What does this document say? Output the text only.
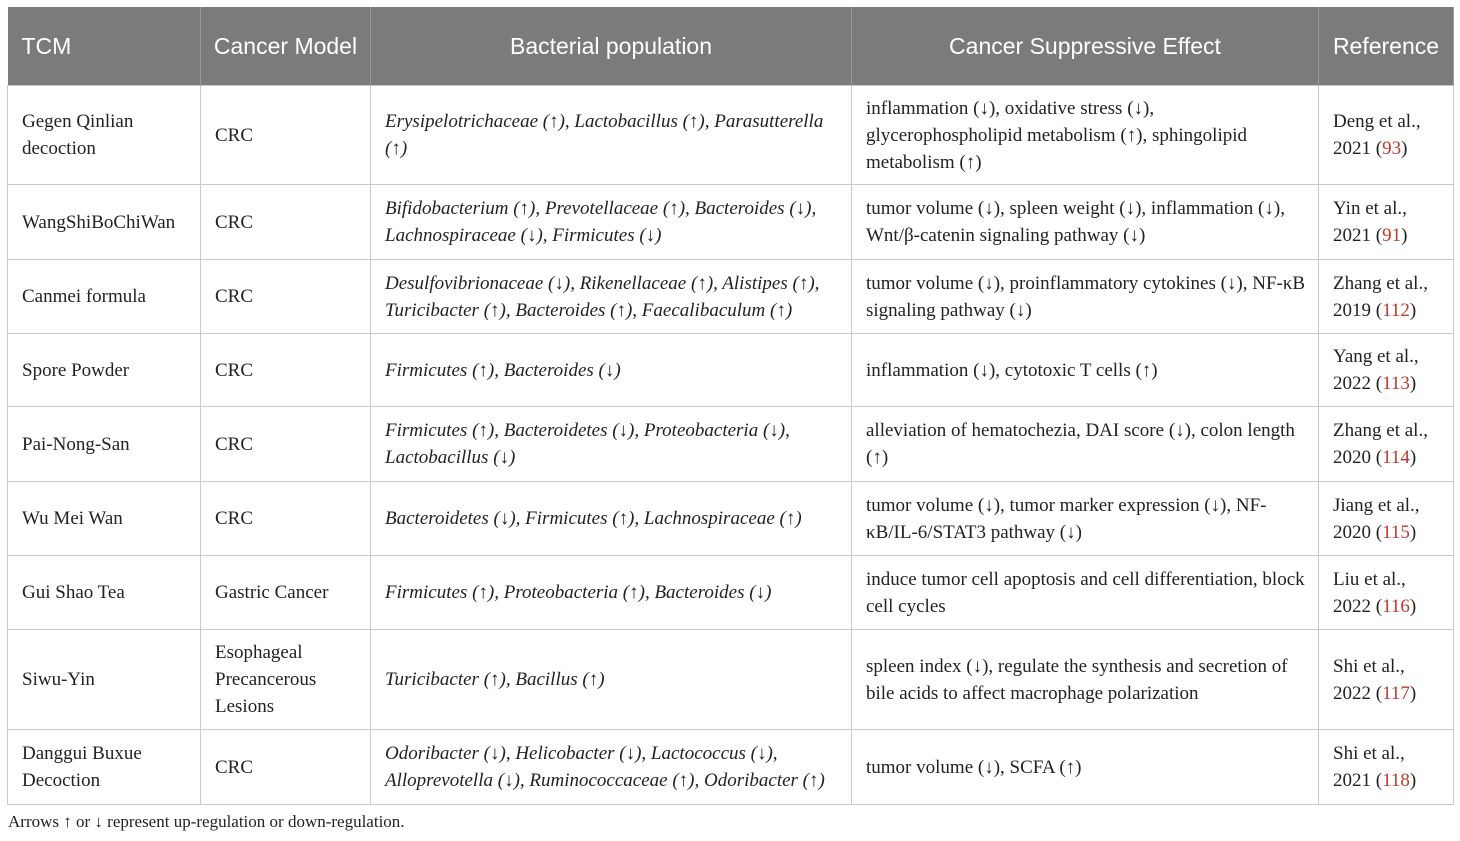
TCM	Cancer Model	Bacterial population	Cancer Suppressive Effect	Reference
Gegen Qinlian decoction	CRC	Erysipelotrichaceae (↑), Lactobacillus (↑), Parasutterella (↑)	inflammation (↓), oxidative stress (↓), glycerophospholipid metabolism (↑), sphingolipid metabolism (↑)	Deng et al., 2021 (93)
WangShiBoChiWan	CRC	Bifidobacterium (↑), Prevotellaceae (↑), Bacteroides (↓), Lachnospiraceae (↓), Firmicutes (↓)	tumor volume (↓), spleen weight (↓), inflammation (↓), Wnt/β-catenin signaling pathway (↓)	Yin et al., 2021 (91)
Canmei formula	CRC	Desulfovibrionaceae (↓), Rikenellaceae (↑), Alistipes (↑), Turicibacter (↑), Bacteroides (↑), Faecalibaculum (↑)	tumor volume (↓), proinflammatory cytokines (↓), NF-κB signaling pathway (↓)	Zhang et al., 2019 (112)
Spore Powder	CRC	Firmicutes (↑), Bacteroides (↓)	inflammation (↓), cytotoxic T cells (↑)	Yang et al., 2022 (113)
Pai-Nong-San	CRC	Firmicutes (↑), Bacteroidetes (↓), Proteobacteria (↓), Lactobacillus (↓)	alleviation of hematochezia, DAI score (↓), colon length (↑)	Zhang et al., 2020 (114)
Wu Mei Wan	CRC	Bacteroidetes (↓), Firmicutes (↑), Lachnospiraceae (↑)	tumor volume (↓), tumor marker expression (↓), NF-κB/IL-6/STAT3 pathway (↓)	Jiang et al., 2020 (115)
Gui Shao Tea	Gastric Cancer	Firmicutes (↑), Proteobacteria (↑), Bacteroides (↓)	induce tumor cell apoptosis and cell differentiation, block cell cycles	Liu et al., 2022 (116)
Siwu-Yin	Esophageal Precancerous Lesions	Turicibacter (↑), Bacillus (↑)	spleen index (↓), regulate the synthesis and secretion of bile acids to affect macrophage polarization	Shi et al., 2022 (117)
Danggui Buxue Decoction	CRC	Odoribacter (↓), Helicobacter (↓), Lactococcus (↓), Alloprevotella (↓), Ruminococcaceae (↑), Odoribacter (↑)	tumor volume (↓), SCFA (↑)	Shi et al., 2021 (118)
Arrows ↑ or ↓ represent up-regulation or down-regulation.
